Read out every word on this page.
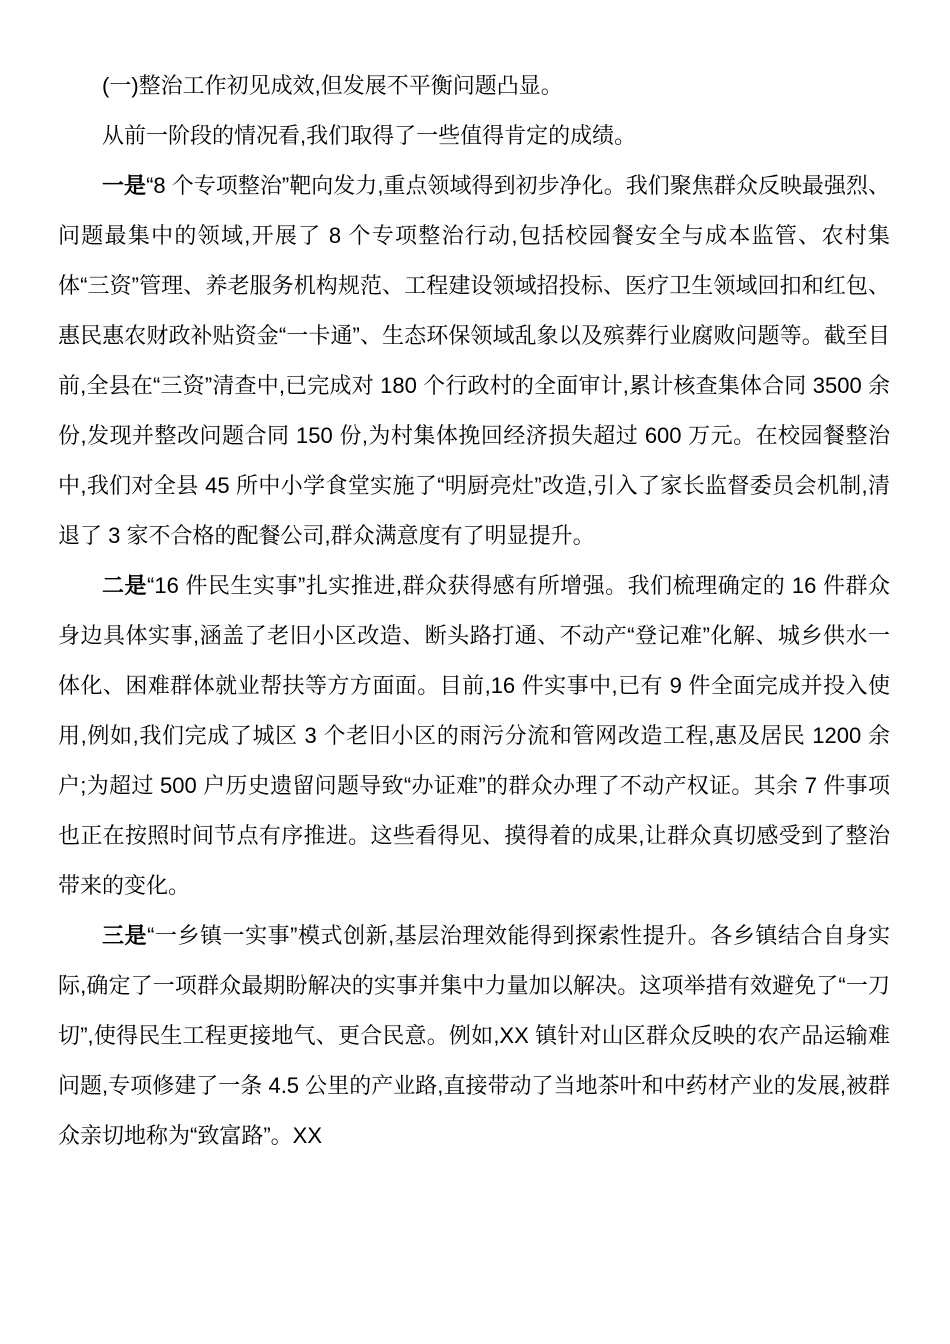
(一)整治工作初见成效,但发展不平衡问题凸显。

从前一阶段的情况看,我们取得了一些值得肯定的成绩。

一是“8 个专项整治”靶向发力,重点领域得到初步净化。我们聚焦群众反映最强烈、问题最集中的领域,开展了 8 个专项整治行动,包括校园餐安全与成本监管、农村集体“三资”管理、养老服务机构规范、工程建设领域招投标、医疗卫生领域回扣和红包、惠民惠农财政补贴资金“一卡通”、生态环保领域乱象以及殡葬行业腐败问题等。截至目前,全县在“三资”清查中,已完成对 180 个行政村的全面审计,累计核查集体合同 3500 余份,发现并整改问题合同 150 份,为村集体挽回经济损失超过 600 万元。在校园餐整治中,我们对全县 45 所中小学食堂实施了“明厨亮灶”改造,引入了家长监督委员会机制,清退了 3 家不合格的配餐公司,群众满意度有了明显提升。

二是“16 件民生实事”扎实推进,群众获得感有所增强。我们梳理确定的 16 件群众身边具体实事,涵盖了老旧小区改造、断头路打通、不动产“登记难”化解、城乡供水一体化、困难群体就业帮扶等方方面面。目前,16 件实事中,已有 9 件全面完成并投入使用,例如,我们完成了城区 3 个老旧小区的雨污分流和管网改造工程,惠及居民 1200 余户;为超过 500 户历史遗留问题导致“办证难”的群众办理了不动产权证。其余 7 件事项也正在按照时间节点有序推进。这些看得见、摸得着的成果,让群众真切感受到了整治带来的变化。

三是“一乡镇一实事”模式创新,基层治理效能得到探索性提升。各乡镇结合自身实际,确定了一项群众最期盼解决的实事并集中力量加以解决。这项举措有效避免了“一刀切”,使得民生工程更接地气、更合民意。例如,XX 镇针对山区群众反映的农产品运输难问题,专项修建了一条 4.5 公里的产业路,直接带动了当地茶叶和中药材产业的发展,被群众亲切地称为“致富路”。XX
